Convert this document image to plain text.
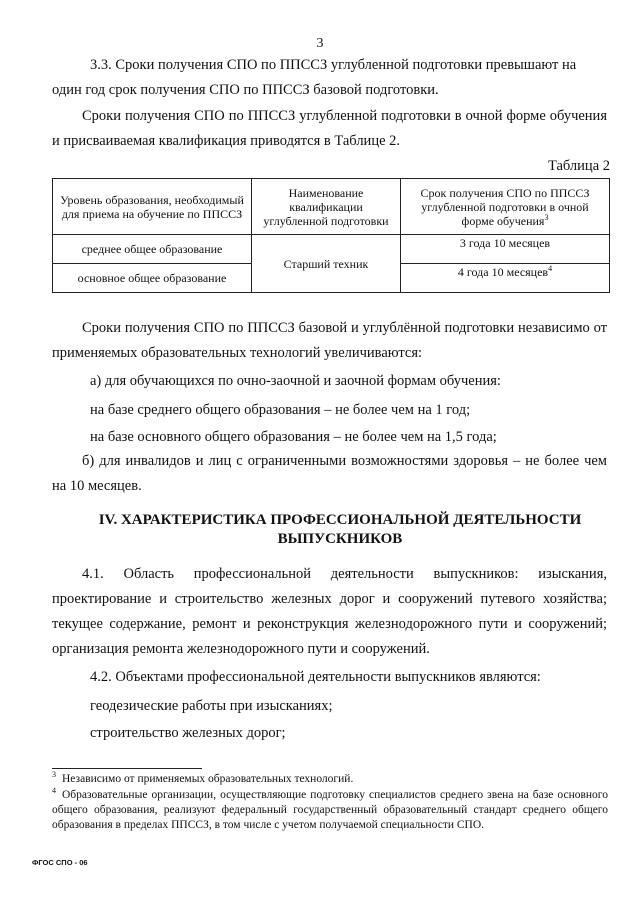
3

3.3. Сроки получения СПО по ППССЗ углубленной подготовки превышают на

один год срок получения СПО по ППССЗ базовой подготовки.

Сроки получения СПО по ППССЗ углубленной подготовки в очной форме обучения и присваиваемая квалификация приводятся в Таблице 2.

Таблица 2
Уровень образования, необходимый для приема на обучение по ППССЗ	Наименование квалификации углубленной подготовки	Срок получения СПО по ППССЗ углубленной подготовки в очной форме обучения$^3$
среднее общее образование	Старший техник	3 года 10 месяцев
основное общее образование		4 года 10 месяцев$^4$

Сроки получения СПО по ППССЗ базовой и углублённой подготовки независимо от применяемых образовательных технологий увеличиваются:

а) для обучающихся по очно-заочной и заочной формам обучения:

на базе среднего общего образования – не более чем на 1 год;

на базе основного общего образования – не более чем на 1,5 года;

б) для инвалидов и лиц с ограниченными возможностями здоровья – не более чем на 10 месяцев.

IV. ХАРАКТЕРИСТИКА ПРОФЕССИОНАЛЬНОЙ ДЕЯТЕЛЬНОСТИ
ВЫПУСКНИКОВ

4.1. Область профессиональной деятельности выпускников: изыскания, проектирование и строительство железных дорог и сооружений путевого хозяйства; текущее содержание, ремонт и реконструкция железнодорожного пути и сооружений; организация ремонта железнодорожного пути и сооружений.

4.2. Объектами профессиональной деятельности выпускников являются:

геодезические работы при изысканиях;

строительство железных дорог;

$^3$ Независимо от применяемых образовательных технологий.

$^4$ Образовательные организации, осуществляющие подготовку специалистов среднего звена на базе основного общего образования, реализуют федеральный государственный образовательный стандарт среднего общего образования в пределах ППССЗ, в том числе с учетом получаемой специальности СПО.

ФГОС СПО - 06
